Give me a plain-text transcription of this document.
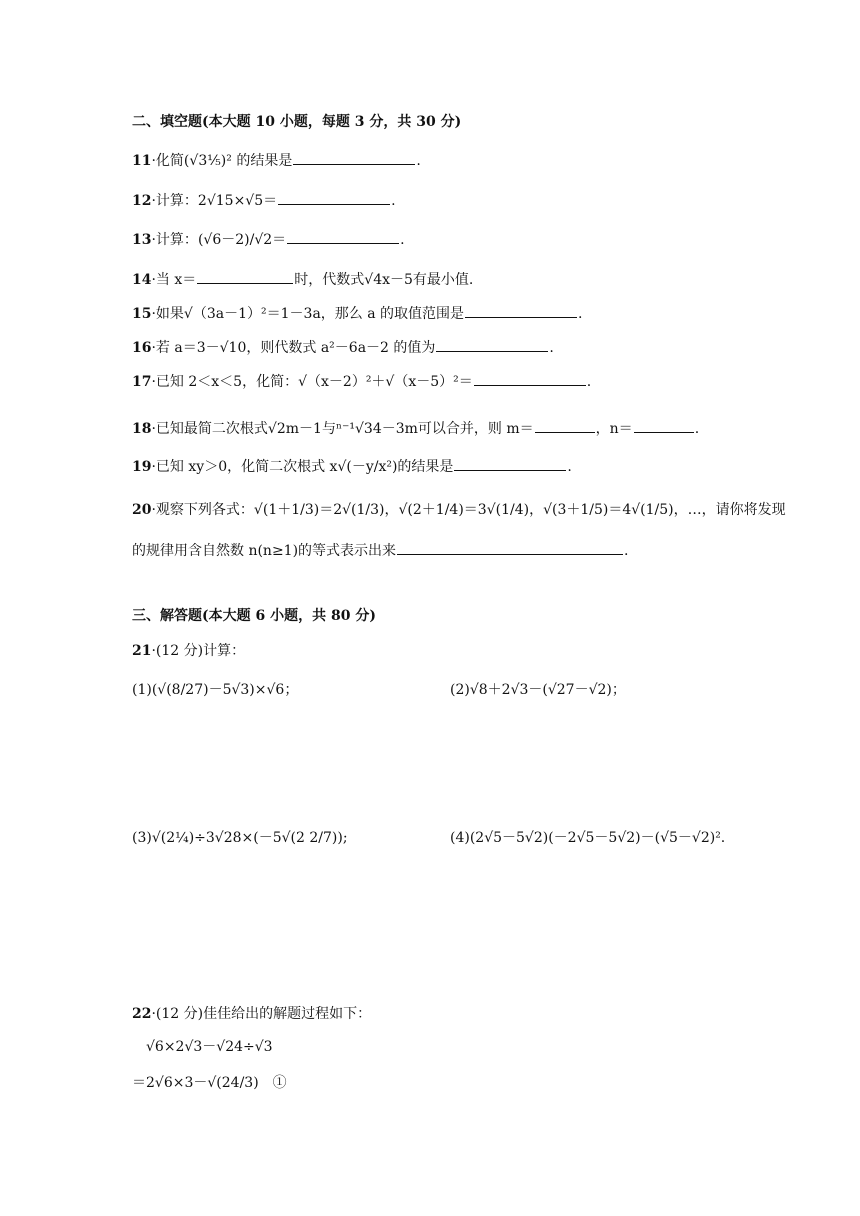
二、填空题(本大题 10 小题，每题 3 分，共 30 分)
11·化简(√3⅕)² 的结果是	.
12·计算：2√15×√5＝	.
13·计算：(√6－2)/√2＝	.
14·当 x＝	时，代数式√4x－5有最小值.
15·如果√（3a－1）²＝1－3a，那么 a 的取值范围是	.
16·若 a＝3－√10，则代数式 a²－6a－2 的值为	.
17·已知 2＜x＜5，化简：√（x－2）²＋√（x－5）²＝	.
18·已知最简二次根式√2m－1与ⁿ⁻¹√34－3m可以合并，则 m＝	，n＝	.
19·已知 xy＞0，化简二次根式 x√(－y/x²)的结果是	.
20·观察下列各式：√(1＋1/3)＝2√(1/3)，√(2＋1/4)＝3√(1/4)，√(3＋1/5)＝4√(1/5)，…，请你将发现
的规律用含自然数 n(n≥1)的等式表示出来	.
三、解答题(本大题 6 小题，共 80 分)
21·(12 分)计算：
(1)(√(8/27)－5√3)×√6；	(2)√8＋2√3－(√27－√2)；
(3)√(2¼)÷3√28×(－5√(2 2/7));	(4)(2√5－5√2)(－2√5－5√2)－(√5－√2)².
22·(12 分)佳佳给出的解题过程如下：
√6×2√3－√24÷√3
＝2√6×3－√(24/3)　①
